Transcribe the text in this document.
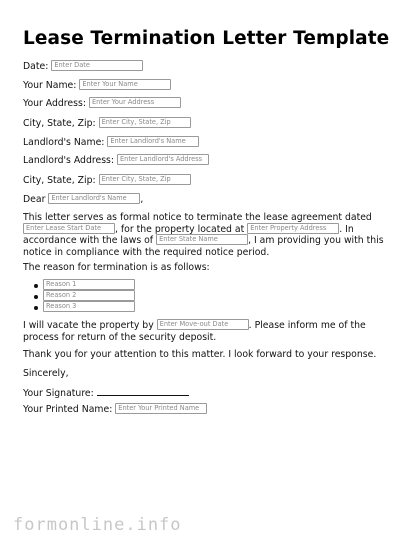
Lease Termination Letter Template
Date: Enter Date
Your Name: Enter Your Name
Your Address: Enter Your Address
City, State, Zip: Enter City, State, Zip
Landlord's Name: Enter Landlord's Name
Landlord's Address: Enter Landlord's Address
City, State, Zip: Enter City, State, Zip
Dear Enter Landlord's Name ,
This letter serves as formal notice to terminate the lease agreement dated Enter Lease Start Date , for the property located at Enter Property Address . In accordance with the laws of Enter State Name	, I am providing you with this notice in compliance with the required notice period.
The reason for termination is as follows:
Reason 1
Reason 2
Reason 3
I will vacate the property by Enter Move-out Date . Please inform me of the process for return of the security deposit.
Thank you for your attention to this matter. I look forward to your response.
Sincerely,
Your Signature:
Your Printed Name: Enter Your Printed Name
formonline.info
